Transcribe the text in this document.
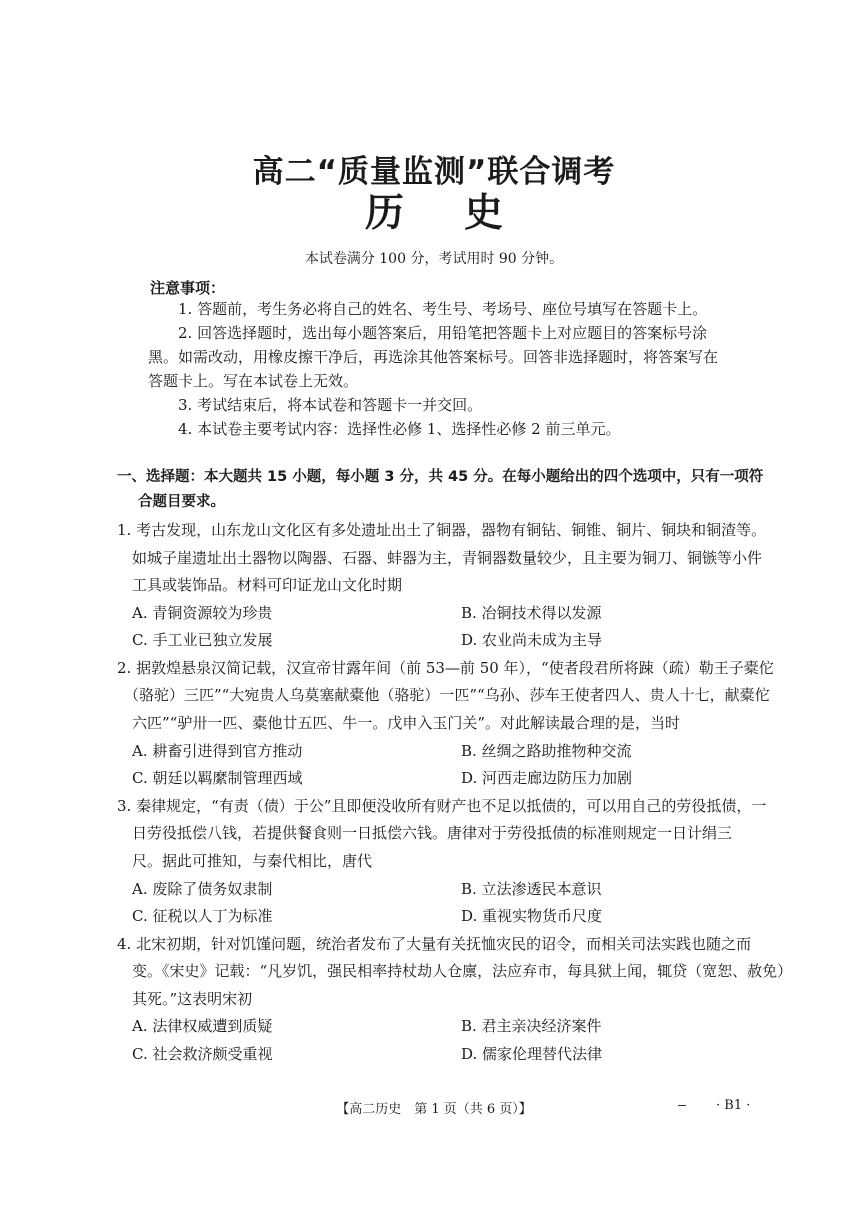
高二“质量监测”联合调考
历史
本试卷满分 100 分，考试用时 90 分钟。
注意事项：
1. 答题前，考生务必将自己的姓名、考生号、考场号、座位号填写在答题卡上。
2. 回答选择题时，选出每小题答案后，用铅笔把答题卡上对应题目的答案标号涂
黑。如需改动，用橡皮擦干净后，再选涂其他答案标号。回答非选择题时，将答案写在
答题卡上。写在本试卷上无效。
3. 考试结束后，将本试卷和答题卡一并交回。
4. 本试卷主要考试内容：选择性必修 1、选择性必修 2 前三单元。
一、选择题：本大题共 15 小题，每小题 3 分，共 45 分。在每小题给出的四个选项中，只有一项符
合题目要求。
1. 考古发现，山东龙山文化区有多处遗址出土了铜器，器物有铜钻、铜锥、铜片、铜块和铜渣等。
如城子崖遗址出土器物以陶器、石器、蚌器为主，青铜器数量较少，且主要为铜刀、铜镞等小件
工具或装饰品。材料可印证龙山文化时期
A. 青铜资源较为珍贵	B. 冶铜技术得以发源
C. 手工业已独立发展	D. 农业尚未成为主导
2. 据敦煌悬泉汉简记载，汉宣帝甘露年间（前 53—前 50 年），“使者段君所将踈（疏）勒王子橐佗
（骆驼）三匹”“大宛贵人乌莫塞献橐他（骆驼）一匹”“乌孙、莎车王使者四人、贵人十七，献橐佗
六匹”“驴卅一匹、橐他廿五匹、牛一。戊申入玉门关”。对此解读最合理的是，当时
A. 耕畜引进得到官方推动	B. 丝绸之路助推物种交流
C. 朝廷以羁縻制管理西域	D. 河西走廊边防压力加剧
3. 秦律规定，“有责（债）于公”且即便没收所有财产也不足以抵债的，可以用自己的劳役抵债，一
日劳役抵偿八钱，若提供餐食则一日抵偿六钱。唐律对于劳役抵债的标准则规定一日计绢三
尺。据此可推知，与秦代相比，唐代
A. 废除了债务奴隶制	B. 立法渗透民本意识
C. 征税以人丁为标准	D. 重视实物货币尺度
4. 北宋初期，针对饥馑问题，统治者发布了大量有关抚恤灾民的诏令，而相关司法实践也随之而
变。《宋史》记载：“凡岁饥，强民相率持杖劫人仓廪，法应弃市，每具狱上闻，辄贷（宽恕、赦免）
其死。”这表明宋初
A. 法律权威遭到质疑	B. 君主亲决经济案件
C. 社会救济颇受重视	D. 儒家伦理替代法律
【高二历史　第 1 页（共 6 页）】	· B1 ·
